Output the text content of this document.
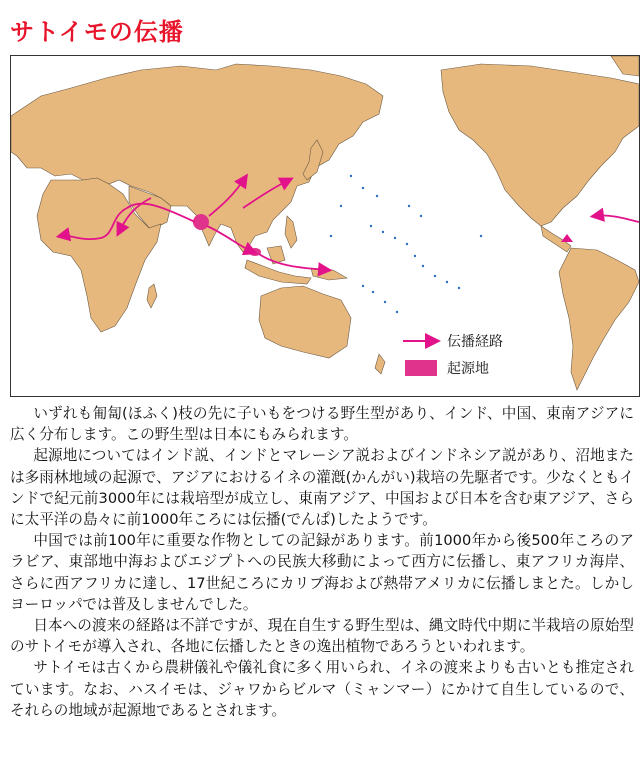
サトイモの伝播
伝播経路
起源地

いずれも匍匐(ほふく)枝の先に子いもをつける野生型があり、インド、中国、東南アジアに広く分布します。この野生型は日本にもみられます。

起源地についてはインド説、インドとマレーシア説およびインドネシア説があり、沼地または多雨林地域の起源で、アジアにおけるイネの灌漑(かんがい)栽培の先駆者です。少なくともインドで紀元前3000年には栽培型が成立し、東南アジア、中国および日本を含む東アジア、さらに太平洋の島々に前1000年ころには伝播(でんぱ)したようです。

中国では前100年に重要な作物としての記録があります。前1000年から後500年ころのアラビア、東部地中海およびエジプトへの民族大移動によって西方に伝播し、東アフリカ海岸、さらに西アフリカに達し、17世紀ころにカリブ海および熱帯アメリカに伝播しまとた。しかしヨーロッパでは普及しませんでした。

日本への渡来の経路は不詳ですが、現在自生する野生型は、縄文時代中期に半栽培の原始型のサトイモが導入され、各地に伝播したときの逸出植物であろうといわれます。

サトイモは古くから農耕儀礼や儀礼食に多く用いられ、イネの渡来よりも古いとも推定されています。なお、ハスイモは、ジャワからビルマ（ミャンマー）にかけて自生しているので、それらの地域が起源地であるとされます。
